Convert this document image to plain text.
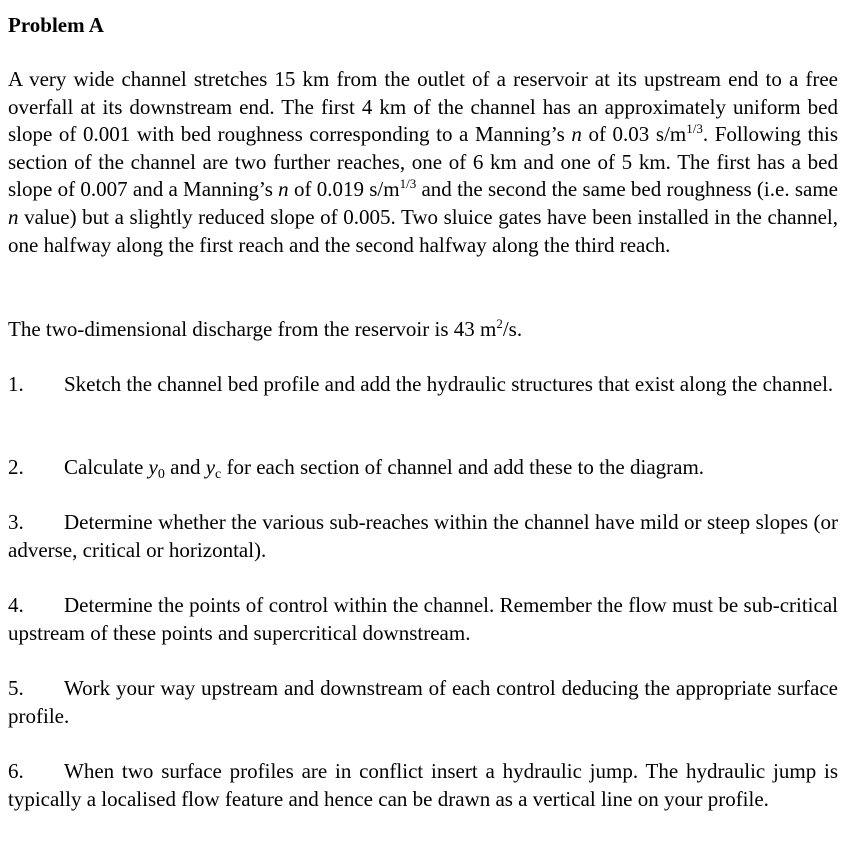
Problem A
A very wide channel stretches 15 km from the outlet of a reservoir at its upstream end to a free overfall at its downstream end. The first 4 km of the channel has an approximately uniform bed slope of 0.001 with bed roughness corresponding to a Manning’s n of 0.03 $s/m^{1/3}$. Following this section of the channel are two further reaches, one of 6 km and one of 5 km. The first has a bed slope of 0.007 and a Manning’s n of 0.019 $s/m^{1/3}$ and the second the same bed roughness (i.e. same n value) but a slightly reduced slope of 0.005. Two sluice gates have been installed in the channel, one halfway along the first reach and the second halfway along the third reach.
The two-dimensional discharge from the reservoir is 43 $m^2/s$.
1. Sketch the channel bed profile and add the hydraulic structures that exist along the channel.
2. Calculate $y_0$ and $y_c$ for each section of channel and add these to the diagram.
3. Determine whether the various sub-reaches within the channel have mild or steep slopes (or adverse, critical or horizontal).
4. Determine the points of control within the channel. Remember the flow must be sub-critical upstream of these points and supercritical downstream.
5. Work your way upstream and downstream of each control deducing the appropriate surface profile.
6. When two surface profiles are in conflict insert a hydraulic jump. The hydraulic jump is typically a localised flow feature and hence can be drawn as a vertical line on your profile.
